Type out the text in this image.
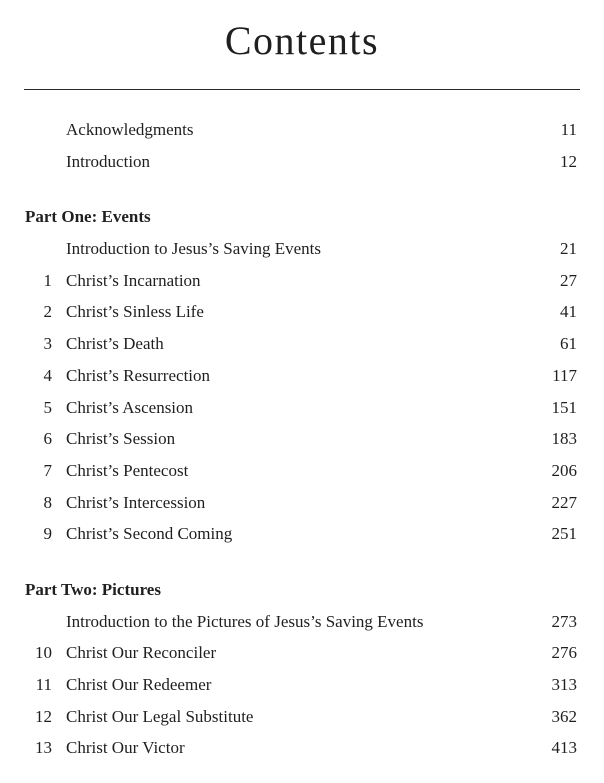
Contents
Acknowledgments	11
Introduction	12
Part One: Events
Introduction to Jesus’s Saving Events	21
1 Christ’s Incarnation	27
2 Christ’s Sinless Life	41
3 Christ’s Death	61
4 Christ’s Resurrection	117
5 Christ’s Ascension	151
6 Christ’s Session	183
7 Christ’s Pentecost	206
8 Christ’s Intercession	227
9 Christ’s Second Coming	251
Part Two: Pictures
Introduction to the Pictures of Jesus’s Saving Events	273
10 Christ Our Reconciler	276
11 Christ Our Redeemer	313
12 Christ Our Legal Substitute	362
13 Christ Our Victor	413
